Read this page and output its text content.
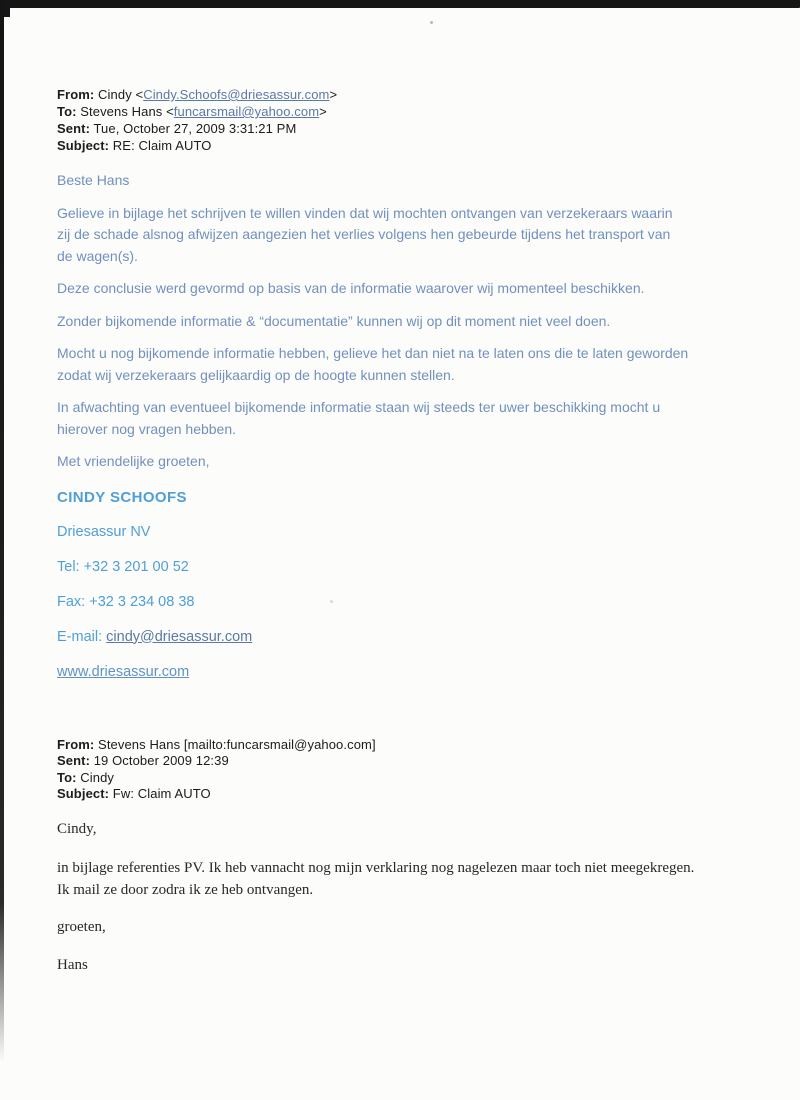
From: Cindy <Cindy.Schoofs@driesassur.com>
To: Stevens Hans <funcarsmail@yahoo.com>
Sent: Tue, October 27, 2009 3:31:21 PM
Subject: RE: Claim AUTO

Beste Hans

Gelieve in bijlage het schrijven te willen vinden dat wij mochten ontvangen van verzekeraars waarin zij de schade alsnog afwijzen aangezien het verlies volgens hen gebeurde tijdens het transport van de wagen(s).

Deze conclusie werd gevormd op basis van de informatie waarover wij momenteel beschikken.

Zonder bijkomende informatie & “documentatie” kunnen wij op dit moment niet veel doen.

Mocht u nog bijkomende informatie hebben, gelieve het dan niet na te laten ons die te laten geworden zodat wij verzekeraars gelijkaardig op de hoogte kunnen stellen.

In afwachting van eventueel bijkomende informatie staan wij steeds ter uwer beschikking mocht u hierover nog vragen hebben.

Met vriendelijke groeten,

CINDY SCHOOFS
Driesassur NV
Tel: +32 3 201 00 52
Fax: +32 3 234 08 38
E-mail: cindy@driesassur.com
www.driesassur.com
From: Stevens Hans [mailto:funcarsmail@yahoo.com]
Sent: 19 October 2009 12:39
To: Cindy
Subject: Fw: Claim AUTO
Cindy,
in bijlage referenties PV. Ik heb vannacht nog mijn verklaring nog nagelezen maar toch niet meegekregen. Ik mail ze door zodra ik ze heb ontvangen.
groeten,
Hans
